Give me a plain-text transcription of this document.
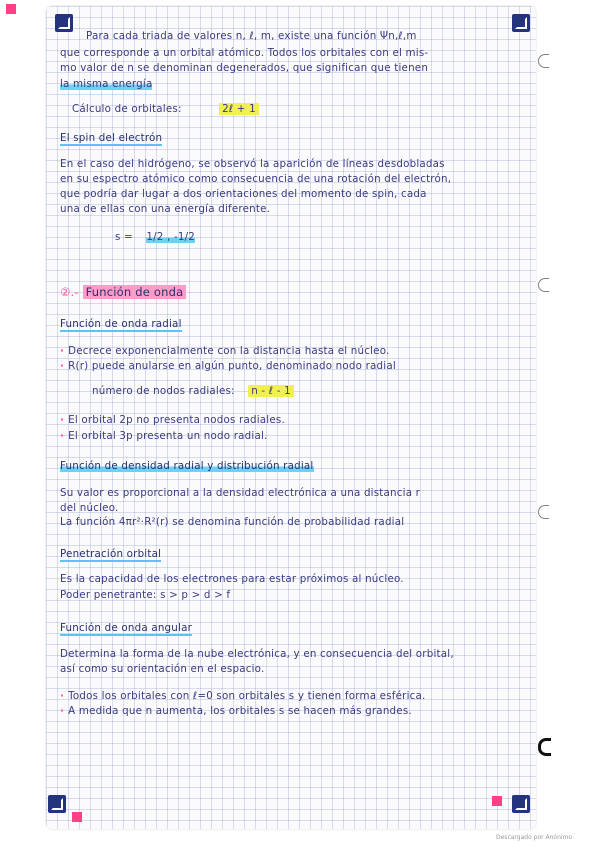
Para cada triada de valores n, ℓ, m, existe una función Ψn,ℓ,m
que corresponde a un orbital atómico. Todos los orbitales con el mis-
mo valor de n se denominan degenerados, que significan que tienen
la misma energía
Cálculo de orbitales:	2ℓ + 1
El spin del electrón
En el caso del hidrógeno, se observó la aparición de líneas desdobladas
en su espectro atómico como consecuencia de una rotación del electrón,
que podría dar lugar a dos orientaciones del momento de spin, cada
una de ellas con una energía diferente.
s = 1/2 , -1/2
②.- Función de onda
Función de onda radial
· Decrece exponencialmente con la distancia hasta el núcleo.
· R(r) puede anularse en algún punto, denominado nodo radial
número de nodos radiales: n - ℓ - 1
· El orbital 2p no presenta nodos radiales.
· El orbital 3p presenta un nodo radial.
Función de densidad radial y distribución radial
Su valor es proporcional a la densidad electrónica a una distancia r
del núcleo.
La función 4πr²·R²(r) se denomina función de probabilidad radial
Penetración orbital
Es la capacidad de los electrones para estar próximos al núcleo.
Poder penetrante: s > p > d > f
Función de onda angular
Determina la forma de la nube electrónica, y en consecuencia del orbital,
así como su orientación en el espacio.
· Todos los orbitales con ℓ=0 son orbitales s y tienen forma esférica.
· A medida que n aumenta, los orbitales s se hacen más grandes.
Descargado por Anónimo
